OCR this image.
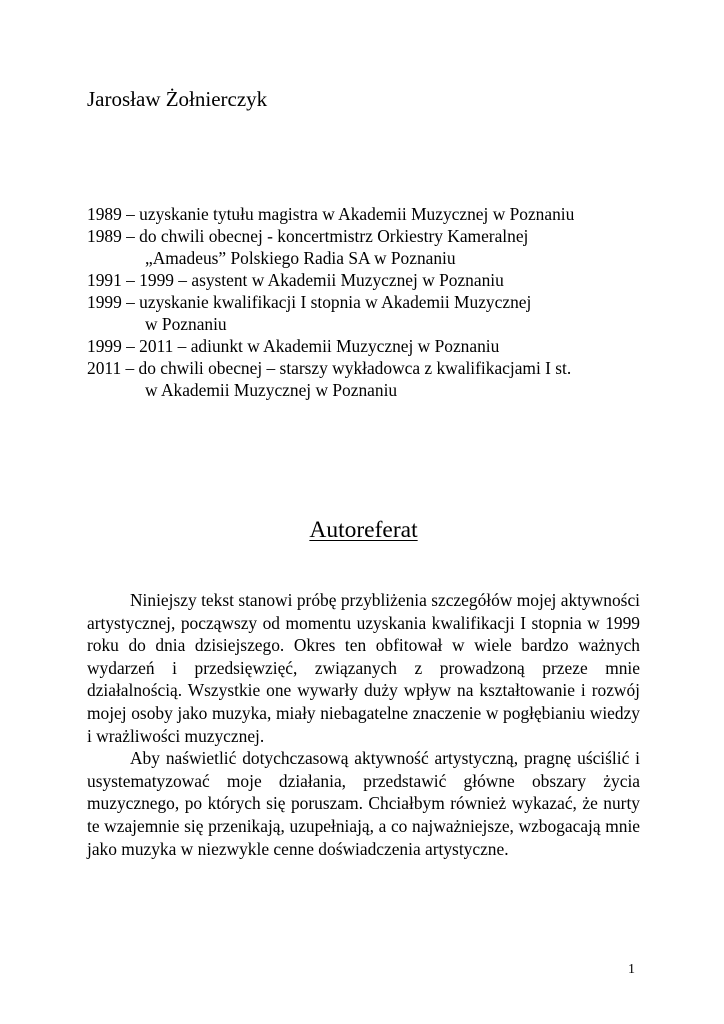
Jarosław Żołnierczyk
1989 – uzyskanie tytułu magistra w Akademii Muzycznej w Poznaniu
1989 – do chwili obecnej - koncertmistrz Orkiestry Kameralnej
„Amadeus” Polskiego Radia SA w Poznaniu
1991 – 1999 – asystent w Akademii Muzycznej w Poznaniu
1999 – uzyskanie kwalifikacji I stopnia w Akademii Muzycznej
w Poznaniu
1999 – 2011 – adiunkt w Akademii Muzycznej w Poznaniu
2011 – do chwili obecnej – starszy wykładowca z kwalifikacjami I st.
w Akademii Muzycznej w Poznaniu
Autoreferat

Niniejszy tekst stanowi próbę przybliżenia szczegółów mojej aktywności artystycznej, począwszy od momentu uzyskania kwalifikacji I stopnia w 1999 roku do dnia dzisiejszego. Okres ten obfitował w wiele bardzo ważnych wydarzeń i przedsięwzięć, związanych z prowadzoną przeze mnie działalnością. Wszystkie one wywarły duży wpływ na kształtowanie i rozwój mojej osoby jako muzyka, miały niebagatelne znaczenie w pogłębianiu wiedzy i wrażliwości muzycznej.

Aby naświetlić dotychczasową aktywność artystyczną, pragnę uściślić i usystematyzować moje działania, przedstawić główne obszary życia muzycznego, po których się poruszam. Chciałbym również wykazać, że nurty te wzajemnie się przenikają, uzupełniają, a co najważniejsze, wzbogacają mnie jako muzyka w niezwykle cenne doświadczenia artystyczne.

1
